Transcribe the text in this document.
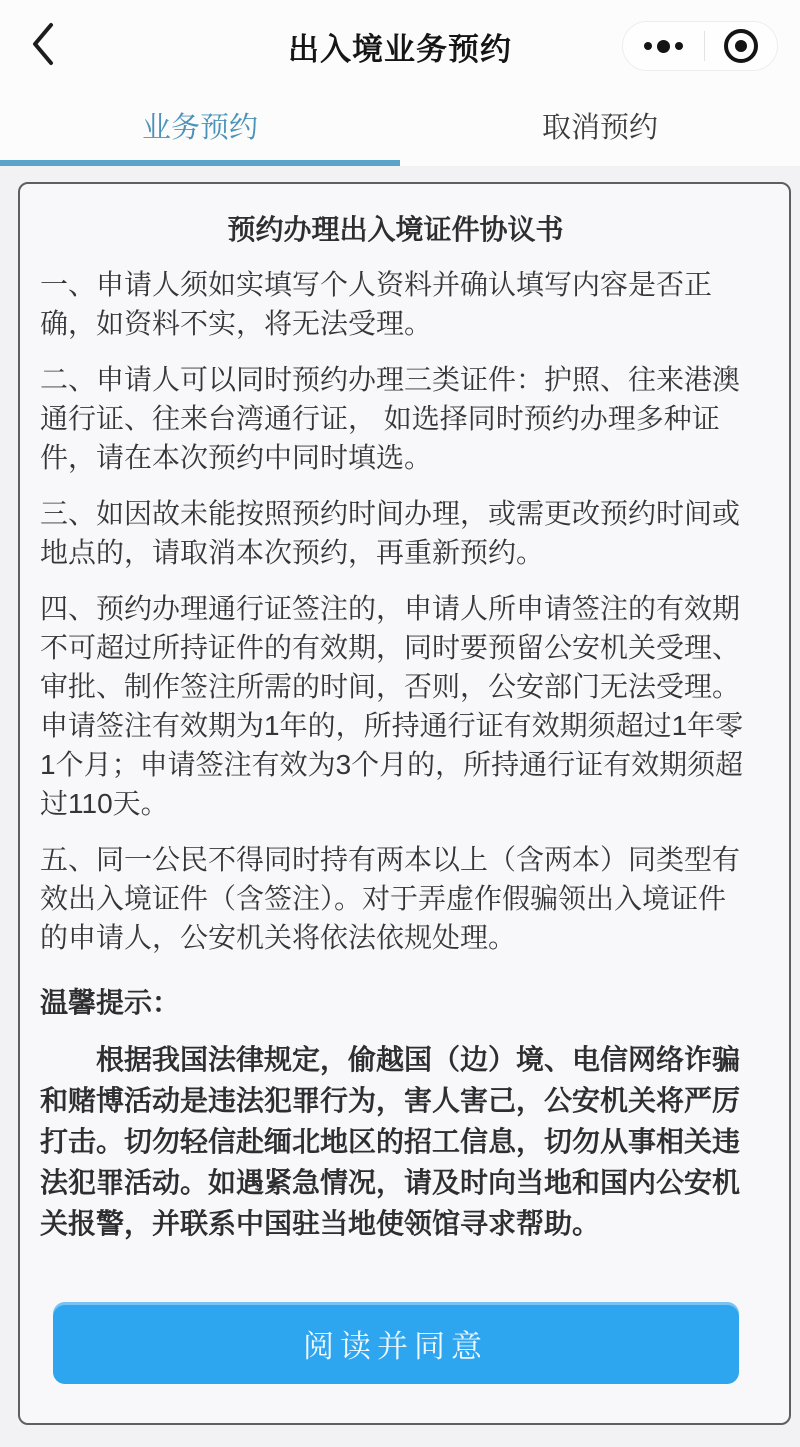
出入境业务预约
业务预约	取消预约
预约办理出入境证件协议书

一、申请人须如实填写个人资料并确认填写内容是否正确，如资料不实，将无法受理。

二、申请人可以同时预约办理三类证件：护照、往来港澳通行证、往来台湾通行证， 如选择同时预约办理多种证件，请在本次预约中同时填选。

三、如因故未能按照预约时间办理，或需更改预约时间或地点的，请取消本次预约，再重新预约。

四、预约办理通行证签注的，申请人所申请签注的有效期不可超过所持证件的有效期，同时要预留公安机关受理、审批、制作签注所需的时间，否则，公安部门无法受理。申请签注有效期为1年的，所持通行证有效期须超过1年零1个月；申请签注有效为3个月的，所持通行证有效期须超过110天。

五、同一公民不得同时持有两本以上（含两本）同类型有效出入境证件（含签注）。对于弄虚作假骗领出入境证件的申请人，公安机关将依法依规处理。

温馨提示：

根据我国法律规定，偷越国（边）境、电信网络诈骗和赌博活动是违法犯罪行为，害人害己，公安机关将严厉打击。切勿轻信赴缅北地区的招工信息，切勿从事相关违法犯罪活动。如遇紧急情况，请及时向当地和国内公安机关报警，并联系中国驻当地使领馆寻求帮助。

阅读并同意
